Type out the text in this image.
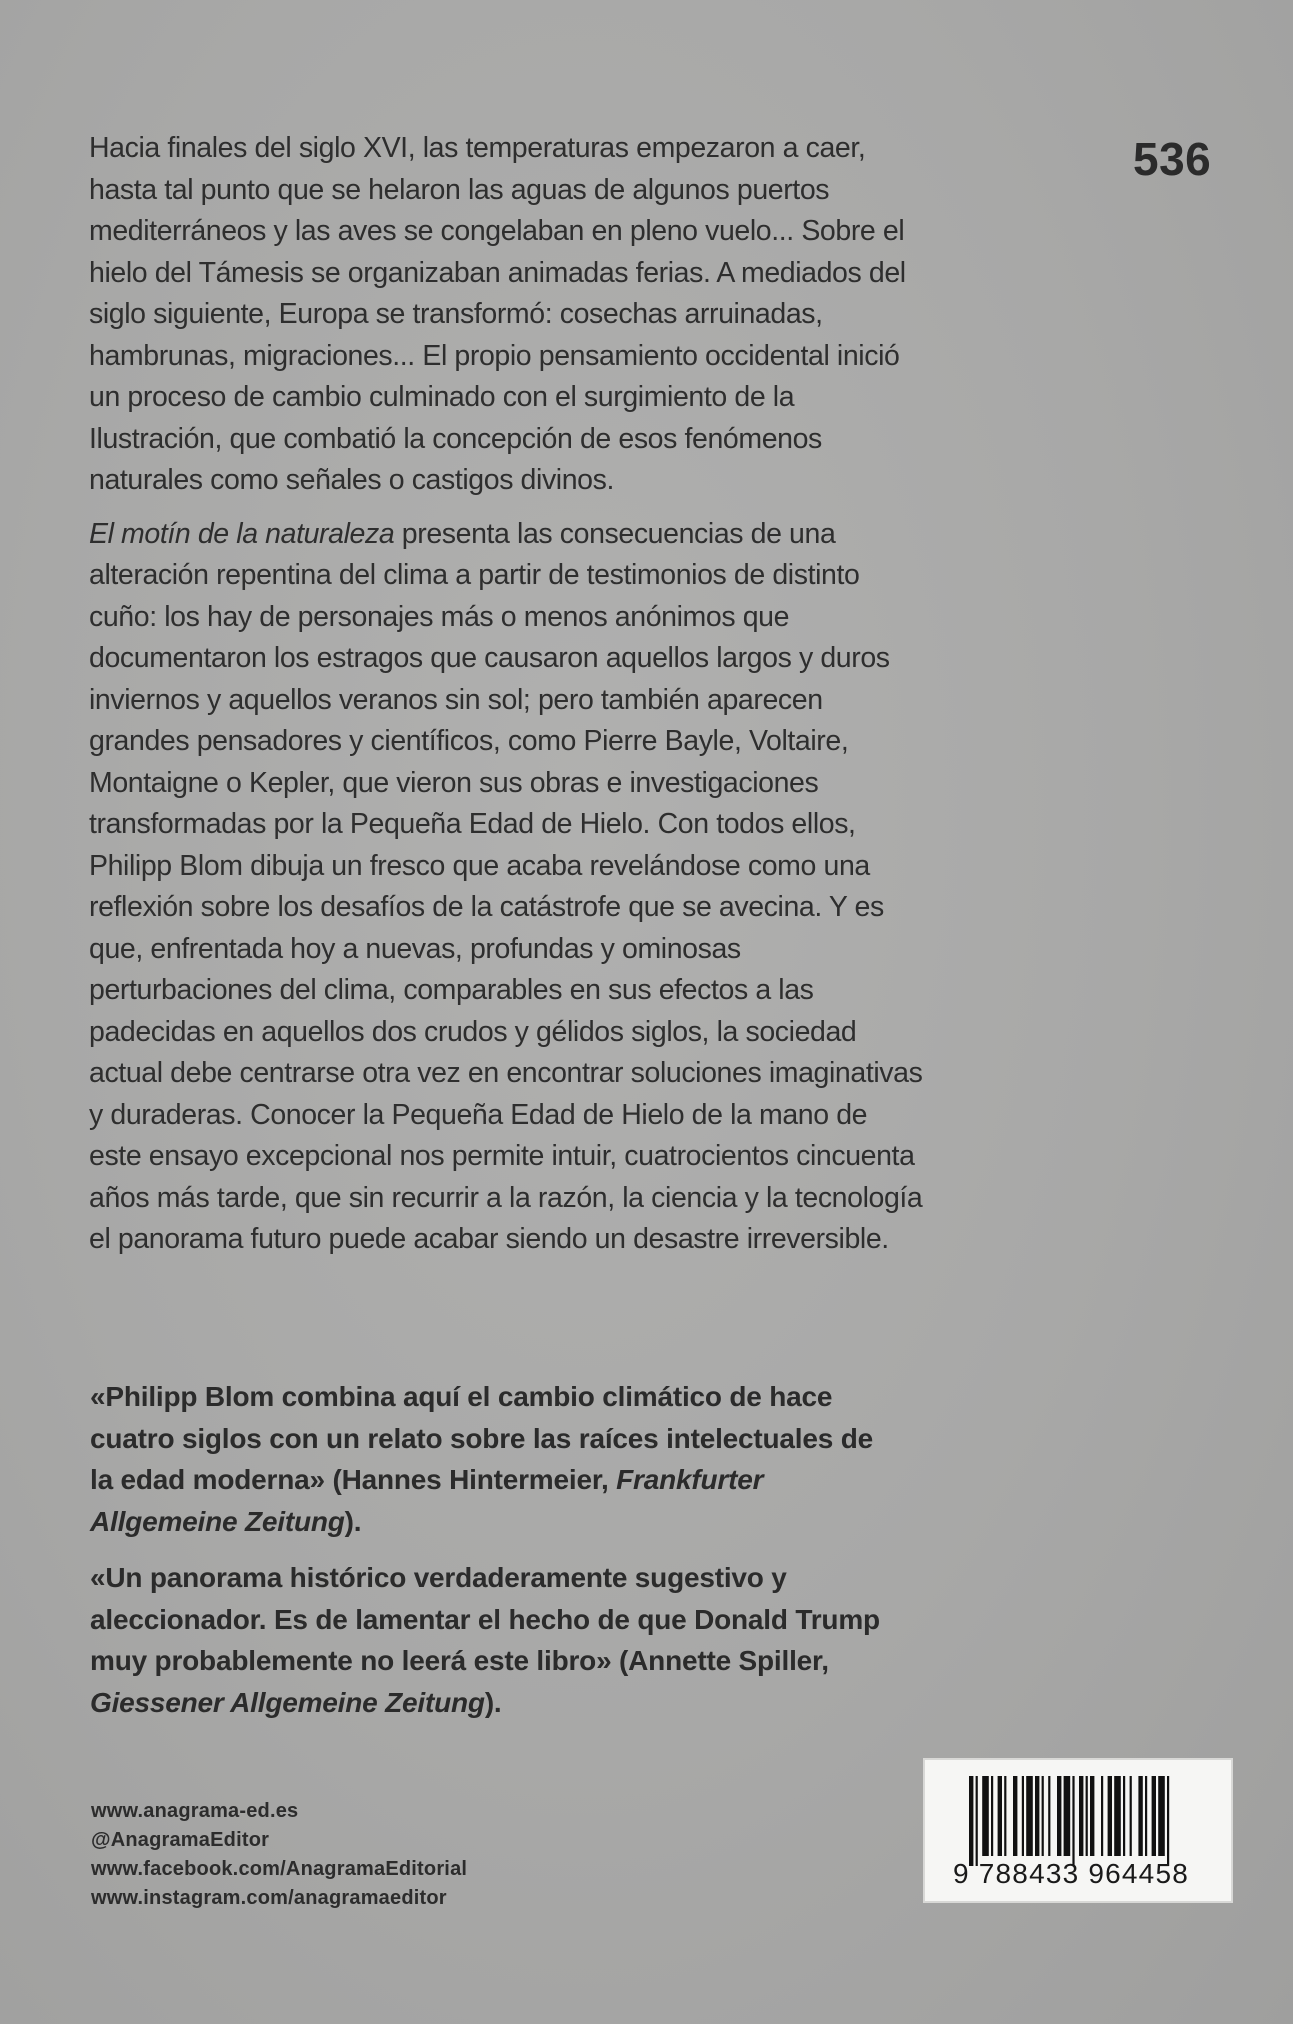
536

Hacia finales del siglo XVI, las temperaturas empezaron a caer, hasta tal punto que se helaron las aguas de algunos puertos mediterráneos y las aves se congelaban en pleno vuelo... Sobre el hielo del Támesis se organizaban animadas ferias. A mediados del siglo siguiente, Europa se transformó: cosechas arruinadas, hambrunas, migraciones... El propio pensamiento occidental inició un proceso de cambio culminado con el surgimiento de la Ilustración, que combatió la concepción de esos fenómenos naturales como señales o castigos divinos.

El motín de la naturaleza presenta las consecuencias de una alteración repentina del clima a partir de testimonios de distinto cuño: los hay de personajes más o menos anónimos que documentaron los estragos que causaron aquellos largos y duros inviernos y aquellos veranos sin sol; pero también aparecen grandes pensadores y científicos, como Pierre Bayle, Voltaire, Montaigne o Kepler, que vieron sus obras e investigaciones transformadas por la Pequeña Edad de Hielo. Con todos ellos, Philipp Blom dibuja un fresco que acaba revelándose como una reflexión sobre los desafíos de la catástrofe que se avecina. Y es que, enfrentada hoy a nuevas, profundas y ominosas perturbaciones del clima, comparables en sus efectos a las padecidas en aquellos dos crudos y gélidos siglos, la sociedad actual debe centrarse otra vez en encontrar soluciones imaginativas y duraderas. Conocer la Pequeña Edad de Hielo de la mano de este ensayo excepcional nos permite intuir, cuatrocientos cincuenta años más tarde, que sin recurrir a la razón, la ciencia y la tecnología el panorama futuro puede acabar siendo un desastre irreversible.

«Philipp Blom combina aquí el cambio climático de hace cuatro siglos con un relato sobre las raíces intelectuales de la edad moderna» (Hannes Hintermeier, Frankfurter Allgemeine Zeitung).

«Un panorama histórico verdaderamente sugestivo y aleccionador. Es de lamentar el hecho de que Donald Trump muy probablemente no leerá este libro» (Annette Spiller, Giessener Allgemeine Zeitung).

www.anagrama-ed.es
@AnagramaEditor
www.facebook.com/AnagramaEditorial
www.instagram.com/anagramaeditor
9 788433 964458
